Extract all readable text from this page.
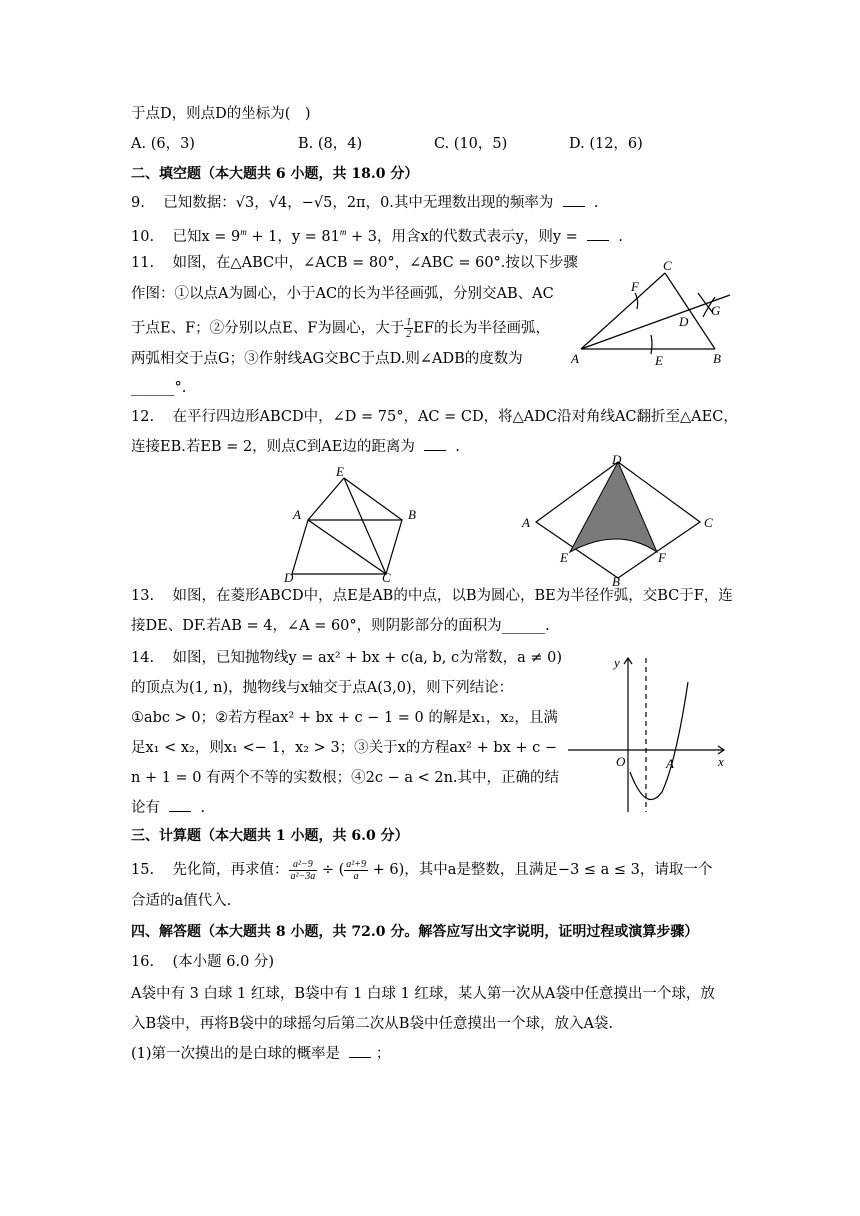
于点D，则点D的坐标为(　)
A. (6，3)	B. (8，4)	C. (10，5)	D. (12，6)
二、填空题（本大题共 6 小题，共 18.0 分）
9. 已知数据：√3，√4，−√5，2π，0.其中无理数出现的频率为	.
10. 已知$x = 9^m + 1$，$y = 81^m + 3$，用含x的代数式表示y，则y =	.
11. 如图，在△ABC中，∠ACB = 80°，∠ABC = 60°.按以下步骤
作图：①以点A为圆心，小于AC的长为半径画弧，分别交AB、AC
于点E、F；②分别以点E、F为圆心，大于 $\frac{1}{2}$ EF的长为半径画弧，
两弧相交于点G；③作射线AG交BC于点D.则∠ADB的度数为
______°.
A	B
C
D
E
F
G
12. 在平行四边形ABCD中，∠D = 75°，AC = CD，将△ADC沿对角线AC翻折至△AEC，
连接EB.若EB = 2，则点C到AE边的距离为	.
A	B
C
D
E
A
B
C
D
E	F
13. 如图，在菱形ABCD中，点E是AB的中点，以B为圆心，BE为半径作弧，交BC于F，连
接DE、DF.若AB = 4，∠A = 60°，则阴影部分的面积为______.
14. 如图，已知抛物线y = ax² + bx + c(a, b, c为常数，a ≠ 0)
的顶点为(1, n)，抛物线与x轴交于点A(3,0)，则下列结论：
①abc > 0；②若方程ax² + bx + c − 1 = 0 的解是x₁，x₂，且满
足x₁ < x₂，则x₁ <− 1，x₂ > 3；③关于x的方程ax² + bx + c −
n + 1 = 0 有两个不等的实数根；④2c − a < 2n.其中，正确的结
论有	.
y
x
O	A
三、计算题（本大题共 1 小题，共 6.0 分）
15. 先化简，再求值： $\frac{\text{a²−9}}{\text{a²−3a}}$ ÷ ( $\frac{\text{a²+9}}{a} + 6$)，其中a是整数，且满足−3 ≤ a ≤ 3，请取一个
合适的a值代入.
四、解答题（本大题共 8 小题，共 72.0 分。解答应写出文字说明，证明过程或演算步骤）
16. (本小题 6.0 分)
A袋中有 3 白球 1 红球，B袋中有 1 白球 1 红球，某人第一次从A袋中任意摸出一个球，放
入B袋中，再将B袋中的球摇匀后第二次从B袋中任意摸出一个球，放入A袋.
(1)第一次摸出的是白球的概率是 ；
